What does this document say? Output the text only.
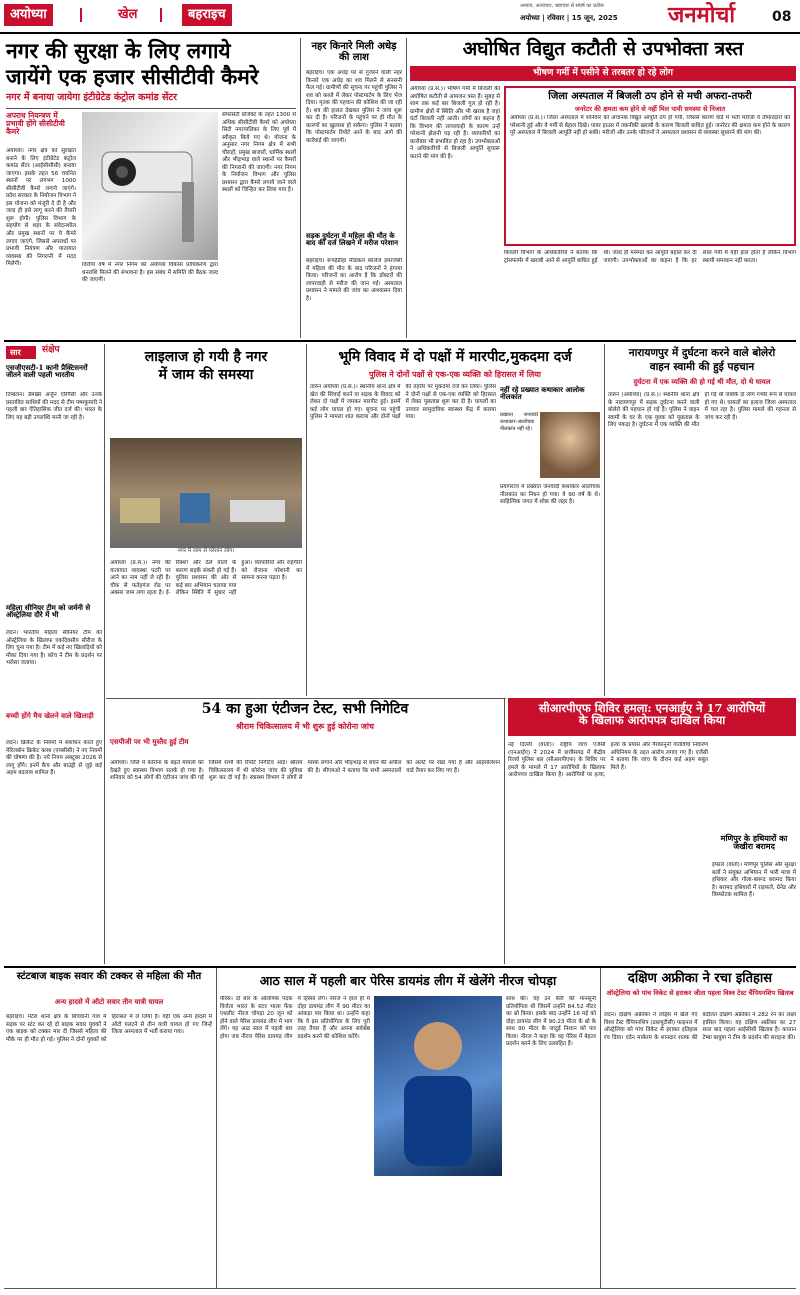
अयोध्या	खेल	बहराइच	अयोध्या | रविवार | 15 जून, 2025
अन्याय, अत्याचार, भ्रष्टाचार से संघर्ष का प्रतीक	जनमोर्चा	08
नगर की सुरक्षा के लिए लगाये
जायेंगे एक हजार सीसीटीवी कैमरे
नगर में बनाया जायेगा इंटीग्रेटेड कंट्रोल कमांड सेंटर
अपराध नियन्त्रण में प्रभावी होंगे सीसीटीवी कैमरे
अयोध्या। नगर क्षेत्र को सुरक्षित बनाने के लिए इंटीग्रेटेड कंट्रोल कमांड सेंटर (आईसीसीसी) बनाया जाएगा। इसके तहत 56 चयनित स्थानों पर लगभग 1000 सीसीटीवी कैमरे लगाये जाएंगे। प्रदेश सरकार के नियोजन विभाग ने इस योजना को मंजूरी दे दी है और जल्द ही इसे लागू करने की तैयारी शुरू होगी। पुलिस विभाग के सहयोग से शहर के संवेदनशील और प्रमुख स्थानों पर ये कैमरे लगाए जाएंगे, जिससे अपराधों पर प्रभावी नियंत्रण और यातायात व्यवस्था की निगरानी में मदद मिलेगी।	वित्तीय वर्ष में नगर निगम को अयोध्या विकास प्राधिकरण द्वारा धनराशि मिलने की संभावना है। इस संबंध में समिति की बैठक जल्द की जाएगी।
सेफसिटी प्रोजेक्ट के तहत 1300 से अधिक सीसीटीवी कैमरे को अयोध्या सिटी नगरपालिका के लिए पूर्व में स्वीकृत किये गए थे। योजना के अनुसार नगर निगम क्षेत्र में सभी चौराहों, प्रमुख बाजारों, धार्मिक स्थलों और भीड़भाड़ वाले स्थानों पर कैमरों की निगरानी की जाएगी। नगर निगम के नियोजन विभाग और पुलिस प्रशासन द्वारा कैमरे लगाये जाने वाले स्थलों को चिन्हित कर लिया गया है।
नहर किनारे मिली अधेड़ की लाश
बहराइच। एक अधेड़ पर से गुजरने वाली नहर किनारे एक अधेड़ का शव मिलने से सनसनी फैल गई। ग्रामीणों की सूचना पर पहुंची पुलिस ने शव को कब्जे में लेकर पोस्टमार्टम के लिए भेज दिया। मृतक की पहचान की कोशिश की जा रही है। शव की हालत देखकर पुलिस ने जांच शुरू कर दी है। परिजनों के पहुंचने पर ही मौत के कारणों का खुलासा हो सकेगा। पुलिस ने बताया कि पोस्टमार्टम रिपोर्ट आने के बाद आगे की कार्रवाई की जाएगी।
सड़क दुर्घटना में महिला की मौत के बाद की दर्ज लिखने में मरीज परेशान
बहराइच। रूपईडीहा मेडिकल कॉलेज इमरजेंसी में महिला की मौत के बाद परिजनों ने हंगामा किया। परिजनों का आरोप है कि डॉक्टरों की लापरवाही से मरीज की जान गई। अस्पताल प्रशासन ने मामले की जांच का आश्वासन दिया है।
अघोषित विद्युत कटौती से उपभोक्ता त्रस्त
भीषण गर्मी में पसीने से तरबतर हो रहे लोग
अयोध्या (प्र.स.)। भीषण गर्मी में बिजली की अघोषित कटौती से आमजन त्रस्त हैं। सुबह से शाम तक कई बार बिजली गुल हो रही है। ग्रामीण क्षेत्रों में स्थिति और भी खराब है जहां घंटों बिजली नहीं आती। लोगों का कहना है कि विभाग की लापरवाही के कारण उन्हें परेशानी झेलनी पड़ रही है। व्यापारियों का कारोबार भी प्रभावित हो रहा है। उपभोक्ताओं ने अधिकारियों से बिजली आपूर्ति सुचारू कराने की मांग की है।
जिला अस्पताल में बिजली ठप होने से मची अफरा-तफरी
जनरेटर की क्षमता कम होने से नहीं मिल पायी समस्या से निजात
अयोध्या (प्र.स.)। जिला अस्पताल में शनिवार को अचानक विद्युत आपूर्ति ठप हो गयी, जिससे कारण वार्ड में भर्ती मरीजों व तीमारदारों को परेशानी हुई और वे गर्मी से बेहाल दिखे। पावर हाउस में तकनीकी खराबी के कारण बिजली बाधित हुई। जनरेटर की क्षमता कम होने के कारण पूरे अस्पताल में बिजली आपूर्ति नहीं हो सकी। मरीजों और उनके परिजनों ने अस्पताल प्रशासन से व्यवस्था सुधारने की मांग की।
बिजली विभाग के अधिकारियों ने बताया कि ट्रांसफार्मर में खराबी आने से आपूर्ति बाधित हुई थी। जल्द ही मरम्मत कर आपूर्ति बहाल कर दी जाएगी। उपभोक्ताओं का कहना है कि हर साल गर्मी में यही हाल होता है लेकिन विभाग स्थायी समाधान नहीं करता।
सार	संक्षेप
एसजीएसटी-1 कानी प्रैक्टिसनरों जीतने वाली पहली भारतीय
टिम्बलन। डैमाब्रेर अर्जुन एरिगैसी और उनके प्रस्तावित साथियों की मदद से टीम पष्मकुमारी ने पहली बार ऐतिहासिक जीत दर्ज की। भारत के लिए यह बड़ी उपलब्धि मानी जा रही है।
महिला सीनियर टीम को जर्मनी से ऑस्ट्रेलिया दौरे में भी
लंदन। भारतीय महिला सीनियर टीम को ऑस्ट्रेलिया के खिलाफ एकदिवसीय सीरीज के लिए चुना गया है। टीम में कई नए खिलाड़ियों को मौका दिया गया है। कोच ने टीम के प्रदर्शन पर भरोसा जताया।
लाइलाज हो गयी है नगर
में जाम की समस्या
नगर में जाम से परेशान लोग।
अयोध्या (प्र.स.)। नगर की यातायात व्यवस्था पटरी पर आने का नाम नहीं ले रही है। चौक से फतेहगंज रोड पर अक्सर जाम लगा रहता है। ई-रिक्शा और ठेले वालों के कारण सड़कें संकरी हो गई हैं। पुलिस प्रशासन की ओर से कई बार अभियान चलाया गया लेकिन स्थिति में सुधार नहीं हुआ। व्यापारियों और राहगीरों को रोजाना परेशानी का सामना करना पड़ता है।
भूमि विवाद में दो पक्षों में मारपीट,मुकदमा दर्ज
पुलिस ने दोनों पक्षों से एक-एक व्यक्ति को हिरासत में लिया
तारुन अयोध्या (प्र.स.)। स्थानीय थाना क्षेत्र में खेत की सिंचाई करने या सड़क के विवाद को लेकर दो पक्षों में जमकर मारपीट हुई। इसमें कई लोग घायल हो गए। सूचना पर पहुंची पुलिस ने मामला शांत कराया और दोनों पक्षों की तहरीर पर मुकदमा दर्ज कर लिया। पुलिस ने दोनों पक्षों से एक-एक व्यक्ति को हिरासत में लेकर पूछताछ शुरू कर दी है। घायलों का उपचार सामुदायिक स्वास्थ्य केंद्र में कराया गया।
नहीं रहे प्रख्यात कथाकार आलोक नीलकांत
प्रख्यात जनवादी कथाकार-आलोचक नीलकांत नहीं रहे।
प्रयागराज में प्रख्यात जनवादी कथाकार आलोचक नीलकांत का निधन हो गया। वे 90 वर्ष के थे। साहित्यिक जगत में शोक की लहर है।
नारायणपुर में दुर्घटना करने वाले बोलेरो
वाहन स्वामी की हुई पहचान
दुर्घटना में एक व्यक्ति की हो गई थी मौत, दो थे घायल
तारुन (अयोध्या) (प्र.स.)। स्थानीय थाना क्षेत्र के नारायणपुर में सड़क दुर्घटना करने वाली बोलेरो की पहचान हो गई है। पुलिस ने वाहन स्वामी के घर के एक युवक को पूछताछ के लिए पकड़ा है। दुर्घटना में एक व्यक्ति की मौत हो गई थी जबकि दो लोग गंभीर रूप से घायल हो गए थे। घायलों का इलाज जिला अस्पताल में चल रहा है। पुलिस मामले की गहनता से जांच कर रही है।
54 का हुआ एंटीजन टेस्ट, सभी निगेटिव
श्रीराम चिकित्सालय में भी शुरू हुई कोरोना जांच
एसपीजी पर भी मुस्तैद हुई टीम
अयोध्या। जिले में कोरोना के बढ़ते मामलों को देखते हुए स्वास्थ्य विभाग सतर्क हो गया है। शनिवार को 54 लोगों की एंटीजन जांच की गई जिसमें सभी की रिपोर्ट निगेटिव आई। श्रीराम चिकित्सालय में भी कोरोना जांच की सुविधा शुरू कर दी गई है। स्वास्थ्य विभाग ने लोगों से मास्क लगाने और भीड़भाड़ से बचने की अपील की है। सीएमओ ने बताया कि सभी अस्पतालों को अलर्ट पर रखा गया है और आइसोलेशन वार्ड तैयार कर लिए गए हैं।
सीआरपीएफ शिविर हमला: एनआईए ने 17 आरोपियों
के खिलाफ आरोपपत्र दाखिल किया
नई दिल्ली (वार्ता)। राष्ट्रीय जांच एजेंसी (एनआईए) ने 2024 में छत्तीसगढ़ में केंद्रीय रिजर्व पुलिस बल (सीआरपीएफ) के शिविर पर हमले के मामले में 17 आरोपियों के खिलाफ आरोपपत्र दाखिल किया है। आरोपियों पर हत्या, हत्या के प्रयास और गैरकानूनी गतिविधि निवारण अधिनियम के तहत आरोप लगाए गए हैं। एजेंसी ने बताया कि जांच के दौरान कई अहम सबूत मिले हैं।
मणिपुर के हथियारों का जखीरा बरामद
इंफाल (वार्ता)। मणिपुर पुलिस और सुरक्षा बलों ने संयुक्त अभियान में भारी मात्रा में हथियार और गोला-बारूद बरामद किया है। बरामद हथियारों में राइफलें, ग्रेनेड और विस्फोटक शामिल हैं।
बच्ची होंगे मैच खेलने वाले खिलाड़ी
लंदन। क्रिकेट के नियमों में संशोधन करते हुए मेरिलबोन क्रिकेट क्लब (एमसीसी) ने नए नियमों की घोषणा की है। नये नियम अक्टूबर 2026 से लागू होंगे। इनमें कैच और बाउंड्री से जुड़े कई अहम बदलाव शामिल हैं।
स्टंटबाज बाइक सवार की टक्कर से महिला की मौत
अन्य हादसे में ऑटो सवार तीन यात्री घायल
बहराइच। मटेरा थाना क्षेत्र के बिचवानी गांव में सड़क पर स्टंट कर रहे दो बाइक सवार युवकों ने एक बाइक को टक्कर मार दी जिससे महिला की मौके पर ही मौत हो गई। पुलिस ने दोनों युवकों को हिरासत में ले लिया है। वहीं एक अन्य हादसे में ऑटो पलटने से तीन यात्री घायल हो गए जिन्हें जिला अस्पताल में भर्ती कराया गया।
आठ साल में पहली बार पेरिस डायमंड लीग में खेलेंगे नीरज चोपड़ा
पेरिस। दो बार के ओलंपिक पदक विजेता भारत के स्टार भाला फेंक एथलीट नीरज चोपड़ा 20 जून को होने वाले पेरिस डायमंड लीग में भाग लेंगे। यह आठ साल में पहली बार होगा जब नीरज पेरिस डायमंड लीग में हिस्सा लेंगे। नीरज ने हाल ही में दोहा डायमंड लीग में 90 मीटर का आंकड़ा पार किया था। उन्होंने कहा कि वे इस प्रतियोगिता के लिए पूरी तरह तैयार हैं और अपना सर्वश्रेष्ठ प्रदर्शन करने की कोशिश करेंगे।
साथ की। यह उन केरी की मानसूनी प्रतियोगिता थी जिसमें उन्होंने 84.52 मीटर का थ्रो किया। इसके बाद उन्होंने 16 मई को दोहा डायमंड लीग में 90.23 मीटर के थ्रो के साथ 90 मीटर के जादुई निशान को पार किया। नीरज ने कहा कि वह पेरिस में बेहतर प्रदर्शन करने के लिए उत्साहित हैं।
दक्षिण अफ्रीका ने रचा इतिहास
ऑस्ट्रेलिया को पांच विकेट से हराकर जीता पहला विश्व टेस्ट चैंपियनशिप खिताब
लंदन। दक्षिण अफ्रीका ने लॉर्ड्स में खेले गए विश्व टेस्ट चैंपियनशिप (डब्ल्यूटीसी) फाइनल में ऑस्ट्रेलिया को पांच विकेट से हराकर इतिहास रच दिया। एडेन मार्करम के शानदार शतक की बदौलत दक्षिण अफ्रीका ने 282 रन का लक्ष्य हासिल किया। यह दक्षिण अफ्रीका का 27 साल बाद पहला आईसीसी खिताब है। कप्तान टेम्बा बावुमा ने टीम के प्रदर्शन की सराहना की।
